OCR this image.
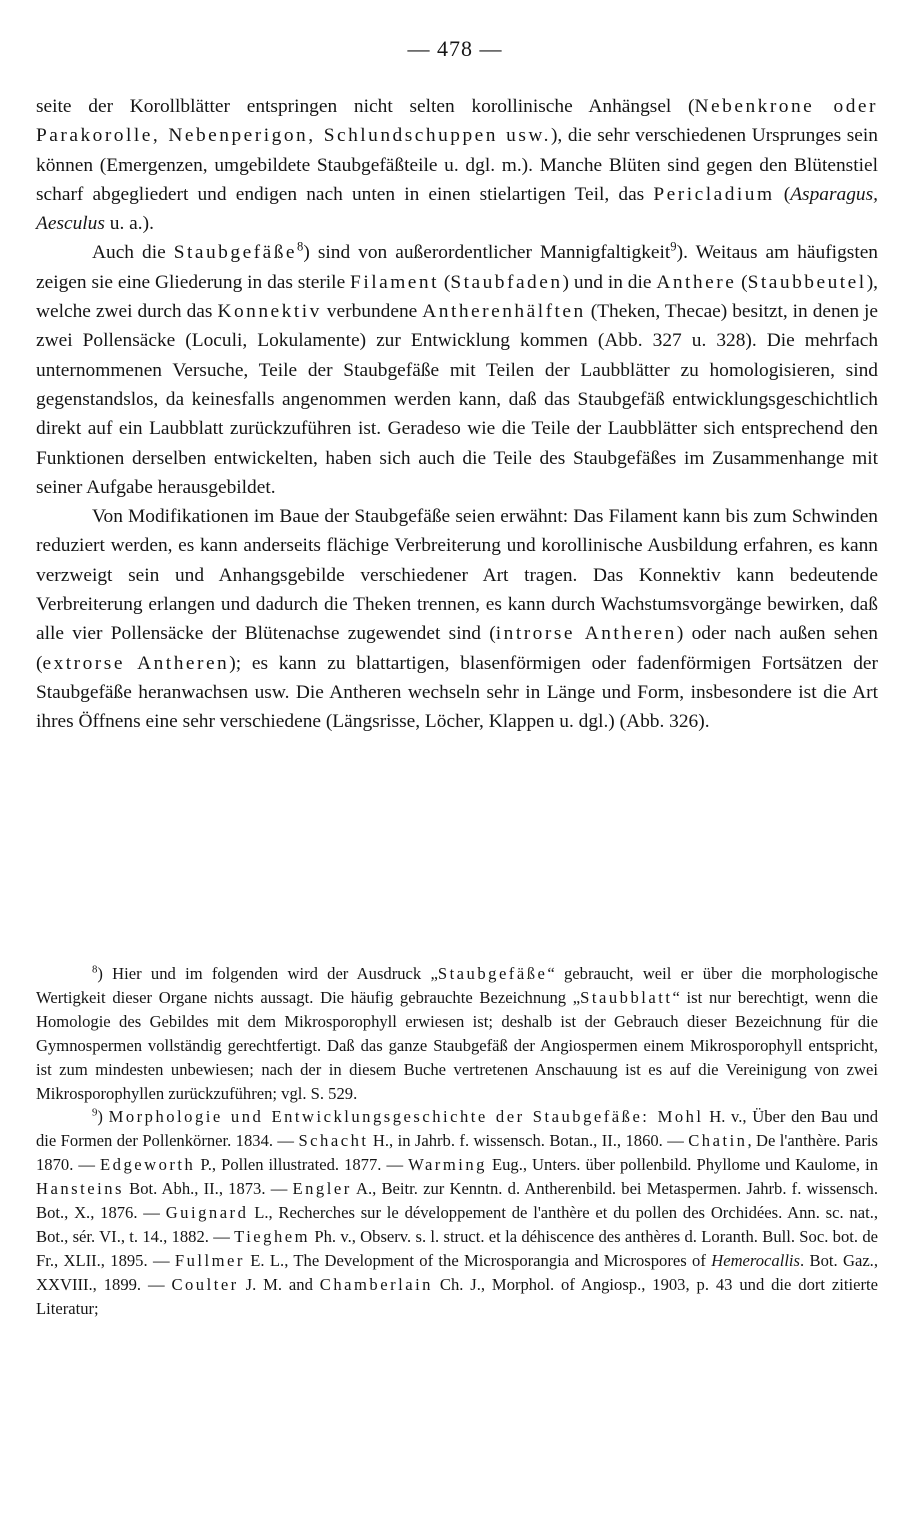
— 478 —

seite der Korollblätter entspringen nicht selten korollinische Anhängsel (Nebenkrone oder Parakorolle, Nebenperigon, Schlundschuppen usw.), die sehr verschiedenen Ursprunges sein können (Emergenzen, umgebildete Staubgefäßteile u. dgl. m.). Manche Blüten sind gegen den Blütenstiel scharf abgegliedert und endigen nach unten in einen stielartigen Teil, das Pericladium (Asparagus, Aesculus u. a.).

Auch die Staubgefäße$^8$) sind von außerordentlicher Mannigfaltigkeit$^9$). Weitaus am häufigsten zeigen sie eine Gliederung in das sterile Filament (Staubfaden) und in die Anthere (Staubbeutel), welche zwei durch das Konnektiv verbundene Antherenhälften (Theken, Thecae) besitzt, in denen je zwei Pollensäcke (Loculi, Lokulamente) zur Entwicklung kommen (Abb. 327 u. 328). Die mehrfach unternommenen Versuche, Teile der Staubgefäße mit Teilen der Laubblätter zu homologisieren, sind gegenstandslos, da keinesfalls angenommen werden kann, daß das Staubgefäß entwicklungsgeschichtlich direkt auf ein Laubblatt zurückzuführen ist. Geradeso wie die Teile der Laubblätter sich entsprechend den Funktionen derselben entwickelten, haben sich auch die Teile des Staubgefäßes im Zusammenhange mit seiner Aufgabe herausgebildet.

Von Modifikationen im Baue der Staubgefäße seien erwähnt: Das Filament kann bis zum Schwinden reduziert werden, es kann anderseits flächige Verbreiterung und korollinische Ausbildung erfahren, es kann verzweigt sein und Anhangsgebilde verschiedener Art tragen. Das Konnektiv kann bedeutende Verbreiterung erlangen und dadurch die Theken trennen, es kann durch Wachstumsvorgänge bewirken, daß alle vier Pollensäcke der Blütenachse zugewendet sind (introrse Antheren) oder nach außen sehen (extrorse Antheren); es kann zu blattartigen, blasenförmigen oder fadenförmigen Fortsätzen der Staubgefäße heranwachsen usw. Die Antheren wechseln sehr in Länge und Form, insbesondere ist die Art ihres Öffnens eine sehr verschiedene (Längsrisse, Löcher, Klappen u. dgl.) (Abb. 326).

$^8$) Hier und im folgenden wird der Ausdruck „Staubgefäße“ gebraucht, weil er über die morphologische Wertigkeit dieser Organe nichts aussagt. Die häufig gebrauchte Bezeichnung „Staubblatt“ ist nur berechtigt, wenn die Homologie des Gebildes mit dem Mikrosporophyll erwiesen ist; deshalb ist der Gebrauch dieser Bezeichnung für die Gymnospermen vollständig gerechtfertigt. Daß das ganze Staubgefäß der Angiospermen einem Mikrosporophyll entspricht, ist zum mindesten unbewiesen; nach der in diesem Buche vertretenen Anschauung ist es auf die Vereinigung von zwei Mikrosporophyllen zurückzuführen; vgl. S. 529.

$^9$) Morphologie und Entwicklungsgeschichte der Staubgefäße: Mohl H. v., Über den Bau und die Formen der Pollenkörner. 1834. — Schacht H., in Jahrb. f. wissensch. Botan., II., 1860. — Chatin, De l'anthère. Paris 1870. — Edgeworth P., Pollen illustrated. 1877. — Warming Eug., Unters. über pollenbild. Phyllome und Kaulome, in Hansteins Bot. Abh., II., 1873. — Engler A., Beitr. zur Kenntn. d. Antherenbild. bei Metaspermen. Jahrb. f. wissensch. Bot., X., 1876. — Guignard L., Recherches sur le développement de l'anthère et du pollen des Orchidées. Ann. sc. nat., Bot., sér. VI., t. 14., 1882. — Tieghem Ph. v., Observ. s. l. struct. et la déhiscence des anthères d. Loranth. Bull. Soc. bot. de Fr., XLII., 1895. — Fullmer E. L., The Development of the Microsporangia and Microspores of Hemerocallis. Bot. Gaz., XXVIII., 1899. — Coulter J. M. and Chamberlain Ch. J., Morphol. of Angiosp., 1903, p. 43 und die dort zitierte Literatur;
